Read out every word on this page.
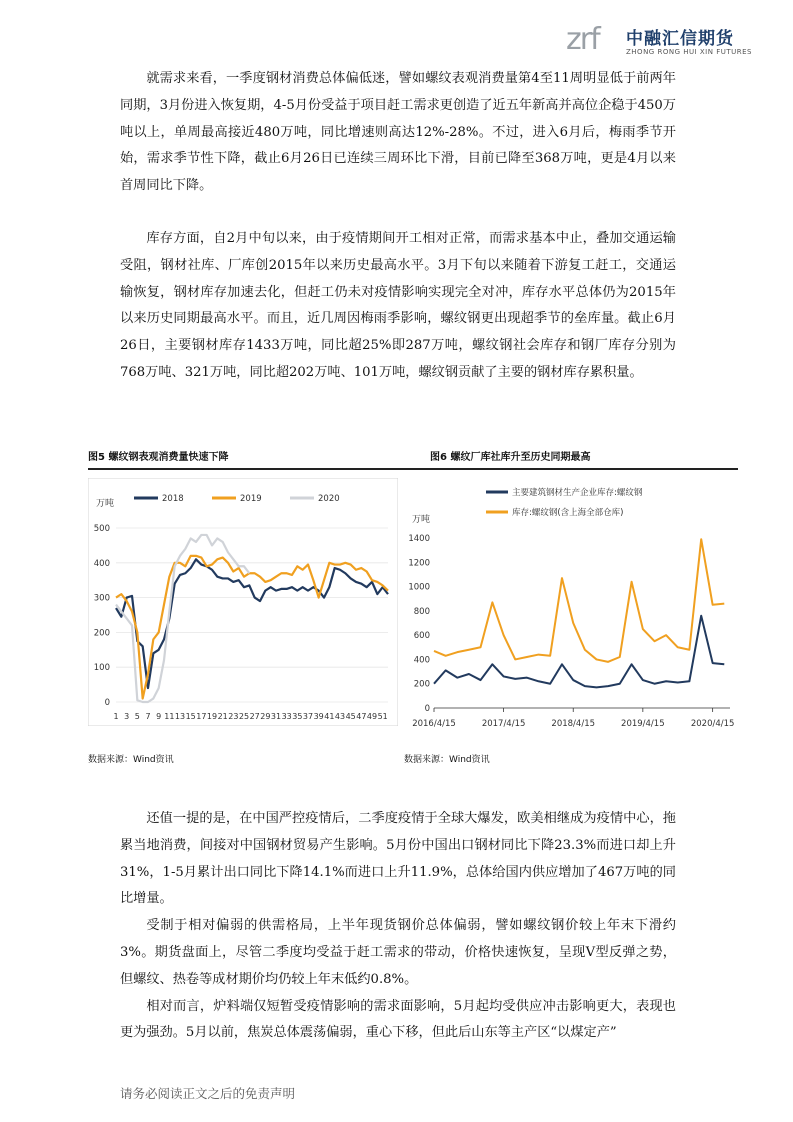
zrf 中融汇信期货
ZHONG RONG HUI XIN FUTURES

就需求来看，一季度钢材消费总体偏低迷，譬如螺纹表观消费量第4至11周明显低于前两年同期，3月份进入恢复期，4-5月份受益于项目赶工需求更创造了近五年新高并高位企稳于450万吨以上，单周最高接近480万吨，同比增速则高达12%-28%。不过，进入6月后，梅雨季节开始，需求季节性下降，截止6月26日已连续三周环比下滑，目前已降至368万吨，更是4月以来首周同比下降。

库存方面，自2月中旬以来，由于疫情期间开工相对正常，而需求基本中止，叠加交通运输受阻，钢材社库、厂库创2015年以来历史最高水平。3月下旬以来随着下游复工赶工，交通运输恢复，钢材库存加速去化，但赶工仍未对疫情影响实现完全对冲，库存水平总体仍为2015年以来历史同期最高水平。而且，近几周因梅雨季影响，螺纹钢更出现超季节的垒库量。截止6月26日，主要钢材库存1433万吨，同比超25%即287万吨，螺纹钢社会库存和钢厂库存分别为768万吨、321万吨，同比超202万吨、101万吨，螺纹钢贡献了主要的钢材库存累积量。

图5 螺纹钢表观消费量快速下降	图6 螺纹厂库社库升至历史同期最高
万吨
0
100
200
300
400
500
1 3 5 7 9 11 13 15 17 19 21 23 25 27 29 31 33 35 37 39 41 43 45 47 49 51
2018	2019	2020
万吨
0
200
400
600
800
1000
1200
1400
2016/4/15	2017/4/15	2018/4/15	2019/4/15	2020/4/15
主要建筑钢材生产企业库存:螺纹钢
库存:螺纹钢(含上海全部仓库)
数据来源：Wind资讯	数据来源：Wind资讯

还值一提的是，在中国严控疫情后，二季度疫情于全球大爆发，欧美相继成为疫情中心，拖累当地消费，间接对中国钢材贸易产生影响。5月份中国出口钢材同比下降23.3%而进口却上升31%，1-5月累计出口同比下降14.1%而进口上升11.9%，总体给国内供应增加了467万吨的同比增量。

受制于相对偏弱的供需格局，上半年现货钢价总体偏弱，譬如螺纹钢价较上年末下滑约3%。期货盘面上，尽管二季度均受益于赶工需求的带动，价格快速恢复，呈现V型反弹之势，但螺纹、热卷等成材期价均仍较上年末低约0.8%。

相对而言，炉料端仅短暂受疫情影响的需求面影响，5月起均受供应冲击影响更大，表现也更为强劲。5月以前，焦炭总体震荡偏弱，重心下移，但此后山东等主产区“以煤定产”

请务必阅读正文之后的免责声明
